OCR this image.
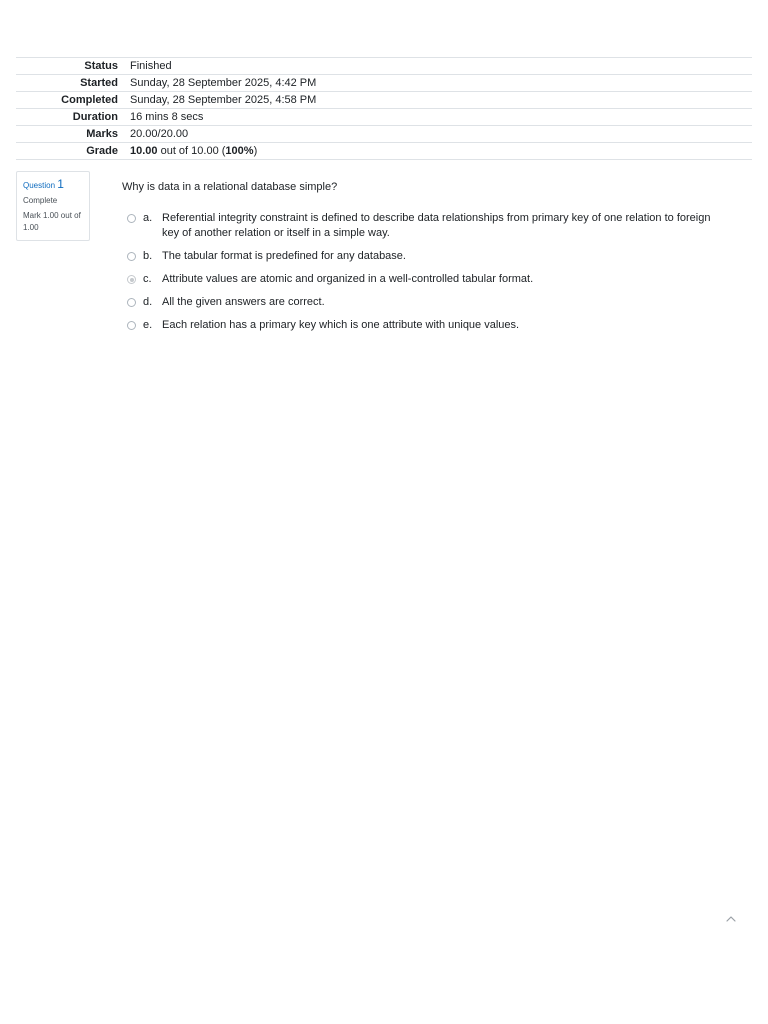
Status	Finished
Started	Sunday, 28 September 2025, 4:42 PM
Completed	Sunday, 28 September 2025, 4:58 PM
Duration	16 mins 8 secs
Marks	20.00/20.00
Grade	10.00 out of 10.00 (100%)
Question 1
Complete
Mark 1.00 out of 1.00
Why is data in a relational database simple?
a. Referential integrity constraint is defined to describe data relationships from primary key of one relation to foreign key of another relation or itself in a simple way.
b. The tabular format is predefined for any database.
c. Attribute values are atomic and organized in a well-controlled tabular format.
d. All the given answers are correct.
e. Each relation has a primary key which is one attribute with unique values.
